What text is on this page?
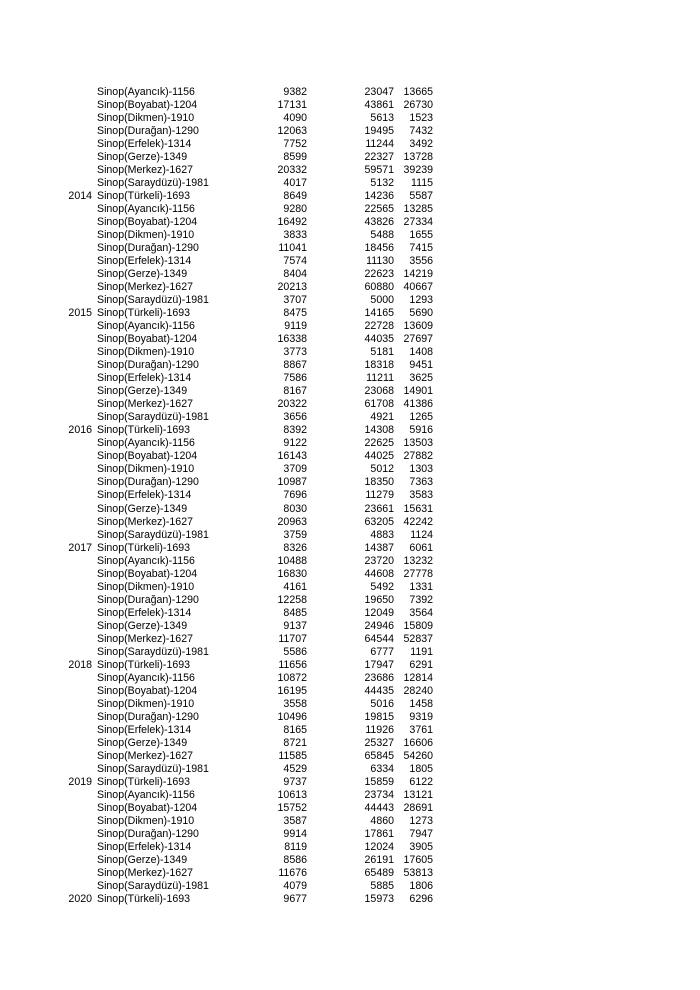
Sinop(Ayancık)-1156	9382	23047 13665
Sinop(Boyabat)-1204	17131	43861 26730
Sinop(Dikmen)-1910	4090	5613	1523
Sinop(Durağan)-1290	12063	19495	7432
Sinop(Erfelek)-1314	7752	11244	3492
Sinop(Gerze)-1349	8599	22327 13728
Sinop(Merkez)-1627	20332	59571 39239
Sinop(Saraydüzü)-1981	4017	5132	1115
2014 Sinop(Türkeli)-1693	8649	14236	5587
Sinop(Ayancık)-1156	9280	22565 13285
Sinop(Boyabat)-1204	16492	43826 27334
Sinop(Dikmen)-1910	3833	5488	1655
Sinop(Durağan)-1290	11041	18456	7415
Sinop(Erfelek)-1314	7574	11130	3556
Sinop(Gerze)-1349	8404	22623 14219
Sinop(Merkez)-1627	20213	60880 40667
Sinop(Saraydüzü)-1981	3707	5000	1293
2015 Sinop(Türkeli)-1693	8475	14165	5690
Sinop(Ayancık)-1156	9119	22728 13609
Sinop(Boyabat)-1204	16338	44035 27697
Sinop(Dikmen)-1910	3773	5181	1408
Sinop(Durağan)-1290	8867	18318	9451
Sinop(Erfelek)-1314	7586	11211	3625
Sinop(Gerze)-1349	8167	23068 14901
Sinop(Merkez)-1627	20322	61708 41386
Sinop(Saraydüzü)-1981	3656	4921	1265
2016 Sinop(Türkeli)-1693	8392	14308	5916
Sinop(Ayancık)-1156	9122	22625 13503
Sinop(Boyabat)-1204	16143	44025 27882
Sinop(Dikmen)-1910	3709	5012	1303
Sinop(Durağan)-1290	10987	18350	7363
Sinop(Erfelek)-1314	7696	11279	3583
Sinop(Gerze)-1349	8030	23661 15631
Sinop(Merkez)-1627	20963	63205 42242
Sinop(Saraydüzü)-1981	3759	4883	1124
2017 Sinop(Türkeli)-1693	8326	14387	6061
Sinop(Ayancık)-1156	10488	23720 13232
Sinop(Boyabat)-1204	16830	44608 27778
Sinop(Dikmen)-1910	4161	5492	1331
Sinop(Durağan)-1290	12258	19650	7392
Sinop(Erfelek)-1314	8485	12049	3564
Sinop(Gerze)-1349	9137	24946 15809
Sinop(Merkez)-1627	11707	64544 52837
Sinop(Saraydüzü)-1981	5586	6777	1191
2018 Sinop(Türkeli)-1693	11656	17947	6291
Sinop(Ayancık)-1156	10872	23686 12814
Sinop(Boyabat)-1204	16195	44435 28240
Sinop(Dikmen)-1910	3558	5016	1458
Sinop(Durağan)-1290	10496	19815	9319
Sinop(Erfelek)-1314	8165	11926	3761
Sinop(Gerze)-1349	8721	25327 16606
Sinop(Merkez)-1627	11585	65845 54260
Sinop(Saraydüzü)-1981	4529	6334	1805
2019 Sinop(Türkeli)-1693	9737	15859	6122
Sinop(Ayancık)-1156	10613	23734 13121
Sinop(Boyabat)-1204	15752	44443 28691
Sinop(Dikmen)-1910	3587	4860	1273
Sinop(Durağan)-1290	9914	17861	7947
Sinop(Erfelek)-1314	8119	12024	3905
Sinop(Gerze)-1349	8586	26191 17605
Sinop(Merkez)-1627	11676	65489 53813
Sinop(Saraydüzü)-1981	4079	5885	1806
2020 Sinop(Türkeli)-1693	9677	15973	6296
